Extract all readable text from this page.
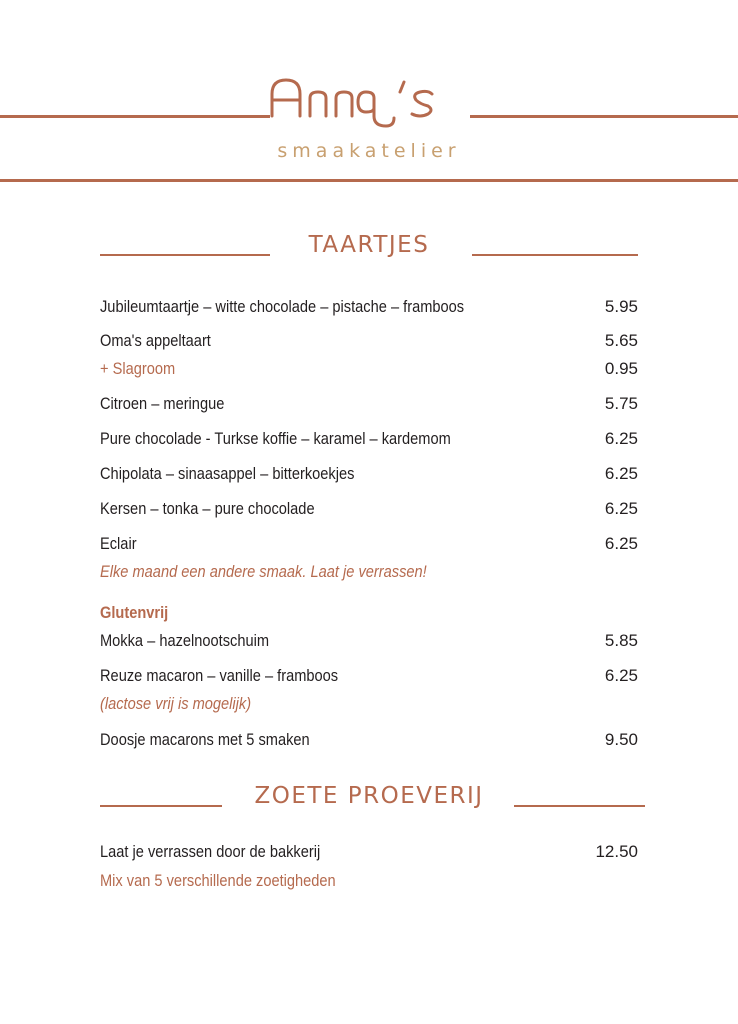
smaakatelier
TAARTJES
Jubileumtaartje – witte chocolade – pistache – framboos	5.95
Oma's appeltaart	5.65
+ Slagroom	0.95
Citroen – meringue	5.75
Pure chocolade - Turkse koffie – karamel – kardemom	6.25
Chipolata – sinaasappel – bitterkoekjes	6.25
Kersen – tonka – pure chocolade	6.25
Eclair	6.25
Elke maand een andere smaak. Laat je verrassen!
Glutenvrij
Mokka – hazelnootschuim	5.85
Reuze macaron – vanille – framboos	6.25
(lactose vrij is mogelijk)
Doosje macarons met 5 smaken	9.50
ZOETE PROEVERIJ
Laat je verrassen door de bakkerij	12.50
Mix van 5 verschillende zoetigheden
